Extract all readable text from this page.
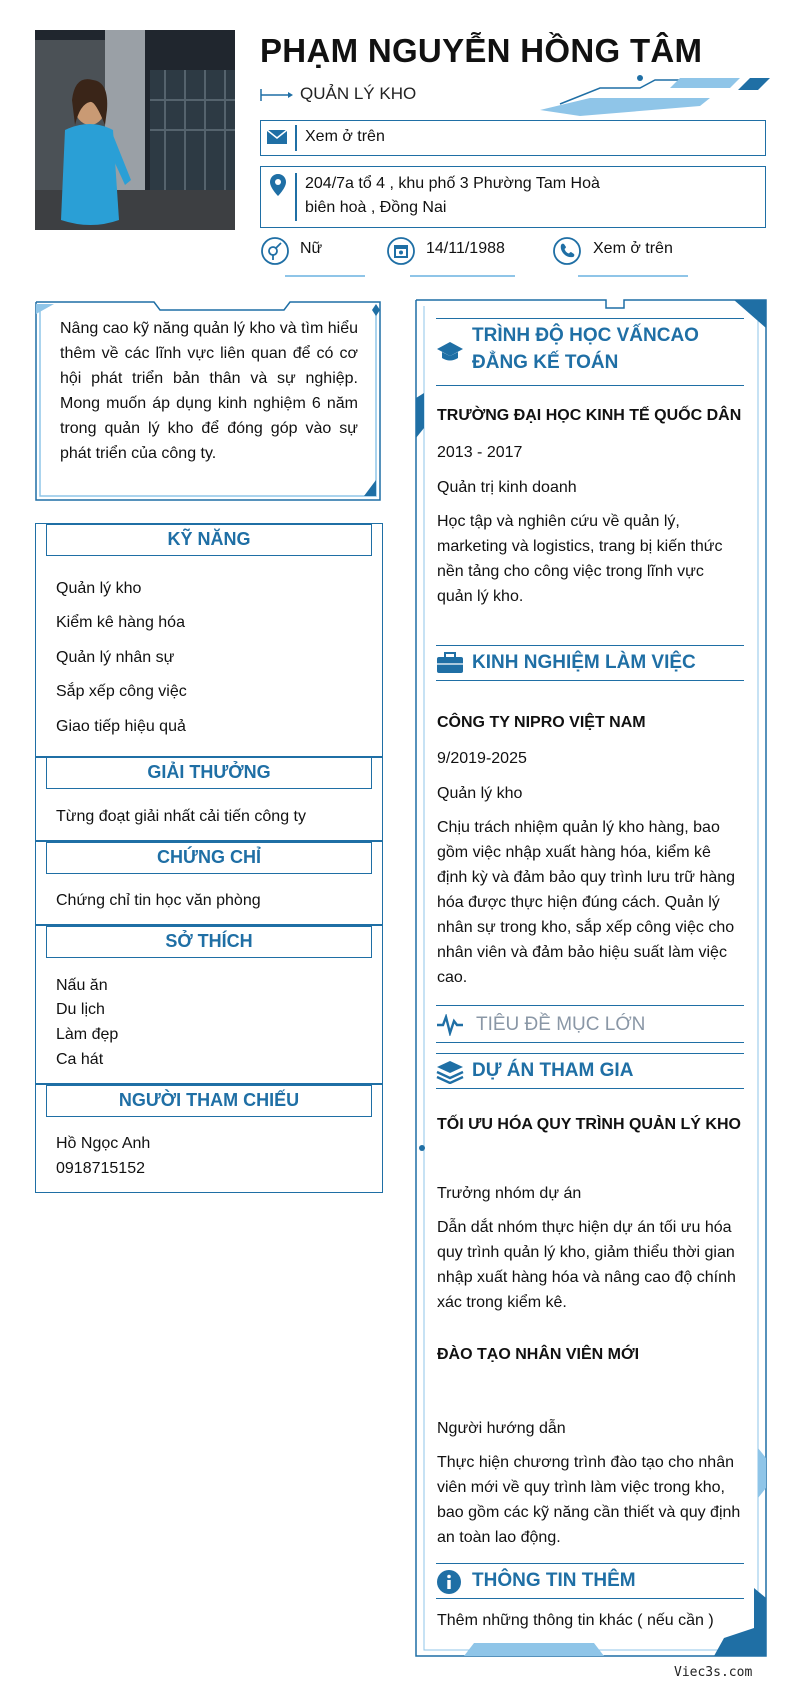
PHẠM NGUYỄN HỒNG TÂM
QUẢN LÝ KHO
Xem ở trên
204/7a tổ 4 , khu phố 3 Phường Tam Hoà
biên hoà , Đồng Nai
Nữ	14/11/1988	Xem ở trên
Nâng cao kỹ năng quản lý kho và tìm hiểu thêm về các lĩnh vực liên quan để có cơ hội phát triển bản thân và sự nghiệp. Mong muốn áp dụng kinh nghiệm 6 năm trong quản lý kho để đóng góp vào sự phát triển của công ty.
KỸ NĂNG
Quản lý kho
Kiểm kê hàng hóa
Quản lý nhân sự
Sắp xếp công việc
Giao tiếp hiệu quả
GIẢI THƯỞNG
Từng đoạt giải nhất cải tiến công ty
CHỨNG CHỈ
Chứng chỉ tin học văn phòng
SỞ THÍCH
Nấu ăn
Du lịch
Làm đẹp
Ca hát
NGƯỜI THAM CHIẾU
Hồ Ngọc Anh
0918715152
TRÌNH ĐỘ HỌC VẤNCAO
ĐẲNG KẾ TOÁN
TRƯỜNG ĐẠI HỌC KINH TẾ QUỐC DÂN
2013 - 2017
Quản trị kinh doanh
Học tập và nghiên cứu về quản lý, marketing và logistics, trang bị kiến thức nền tảng cho công việc trong lĩnh vực quản lý kho.
KINH NGHIỆM LÀM VIỆC
CÔNG TY NIPRO VIỆT NAM
9/2019-2025
Quản lý kho
Chịu trách nhiệm quản lý kho hàng, bao gồm việc nhập xuất hàng hóa, kiểm kê định kỳ và đảm bảo quy trình lưu trữ hàng hóa được thực hiện đúng cách. Quản lý nhân sự trong kho, sắp xếp công việc cho nhân viên và đảm bảo hiệu suất làm việc cao.
TIÊU ĐỀ MỤC LỚN
DỰ ÁN THAM GIA
TỐI ƯU HÓA QUY TRÌNH QUẢN LÝ KHO
Trưởng nhóm dự án
Dẫn dắt nhóm thực hiện dự án tối ưu hóa quy trình quản lý kho, giảm thiểu thời gian nhập xuất hàng hóa và nâng cao độ chính xác trong kiểm kê.
ĐÀO TẠO NHÂN VIÊN MỚI
Người hướng dẫn
Thực hiện chương trình đào tạo cho nhân viên mới về quy trình làm việc trong kho, bao gồm các kỹ năng cần thiết và quy định an toàn lao động.
THÔNG TIN THÊM
Thêm những thông tin khác ( nếu cần )
Viec3s.com
